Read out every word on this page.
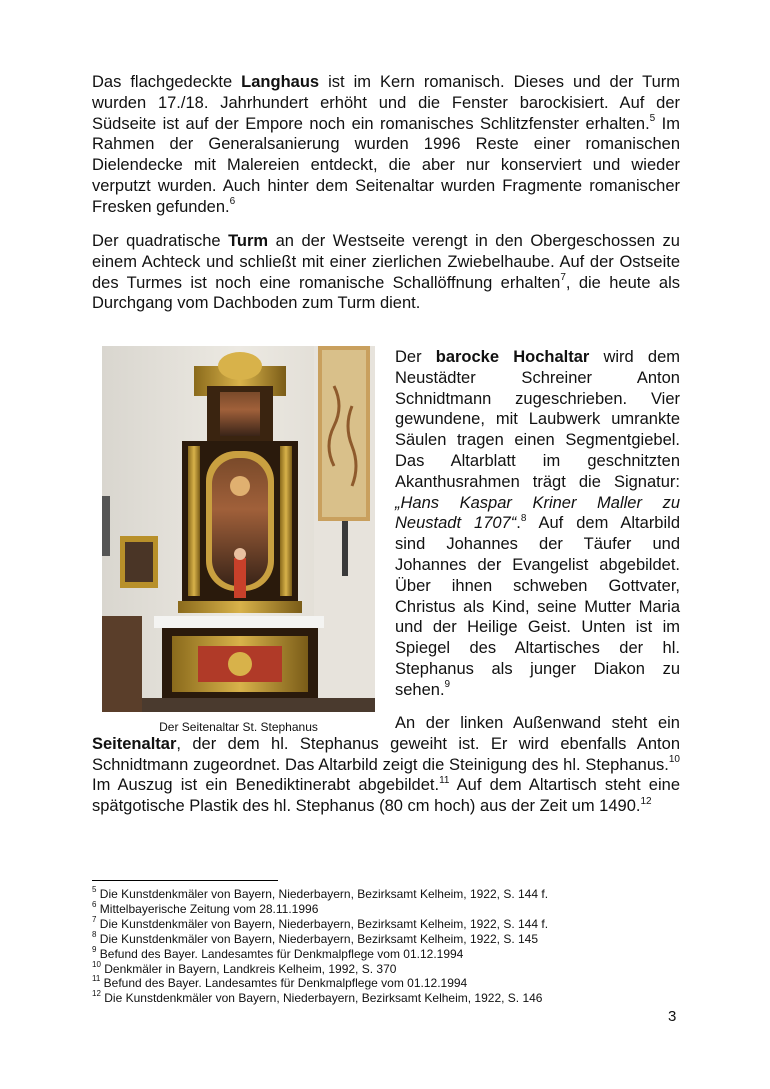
Das flachgedeckte Langhaus ist im Kern romanisch. Dieses und der Turm wurden 17./18. Jahrhundert erhöht und die Fenster barockisiert. Auf der Südseite ist auf der Empore noch ein romanisches Schlitzfenster erhalten.$^5$ Im Rahmen der Generalsanierung wurden 1996 Reste einer romanischen Dielendecke mit Malereien entdeckt, die aber nur konserviert und wieder verputzt wurden. Auch hinter dem Seitenaltar wurden Fragmente romanischer Fresken gefunden.$^6$

Der quadratische Turm an der Westseite verengt in den Obergeschossen zu einem Achteck und schließt mit einer zierlichen Zwiebelhaube. Auf der Ostseite des Turmes ist noch eine romanische Schallöffnung erhalten$^7$, die heute als Durchgang vom Dachboden zum Turm dient.

Der Seitenaltar St. Stephanus

Der barocke Hochaltar wird dem Neustädter Schreiner Anton Schnidtmann zugeschrieben. Vier gewundene, mit Laubwerk umrankte Säulen tragen einen Segmentgiebel. Das Altarblatt im geschnitzten Akanthusrahmen trägt die Signatur: „Hans Kaspar Kriner Maller zu Neustadt 1707“.$^8$ Auf dem Altarbild sind Johannes der Täufer und Johannes der Evangelist abgebildet. Über ihnen schweben Gottvater, Christus als Kind, seine Mutter Maria und der Heilige Geist. Unten ist im Spiegel des Altartisches der hl. Stephanus als junger Diakon zu sehen.$^9$

An der linken Außenwand steht ein Seitenaltar, der dem hl. Stephanus geweiht ist. Er wird ebenfalls Anton Schnidtmann zugeordnet. Das Altarbild zeigt die Steinigung des hl. Stephanus.$^{10}$ Im Auszug ist ein Benediktinerabt abgebildet.$^{11}$ Auf dem Altartisch steht eine spätgotische Plastik des hl. Stephanus (80 cm hoch) aus der Zeit um 1490.12

$^5$ Die Kunstdenkmäler von Bayern, Niederbayern, Bezirksamt Kelheim, 1922, S. 144 f.
$^6$ Mittelbayerische Zeitung vom 28.11.1996
$^7$ Die Kunstdenkmäler von Bayern, Niederbayern, Bezirksamt Kelheim, 1922, S. 144 f.
$^8$ Die Kunstdenkmäler von Bayern, Niederbayern, Bezirksamt Kelheim, 1922, S. 145
$^9$ Befund des Bayer. Landesamtes für Denkmalpflege vom 01.12.1994
$^{10}$ Denkmäler in Bayern, Landkreis Kelheim, 1992, S. 370
$^{11}$ Befund des Bayer. Landesamtes für Denkmalpflege vom 01.12.1994
$^{12}$ Die Kunstdenkmäler von Bayern, Niederbayern, Bezirksamt Kelheim, 1922, S. 146
3
